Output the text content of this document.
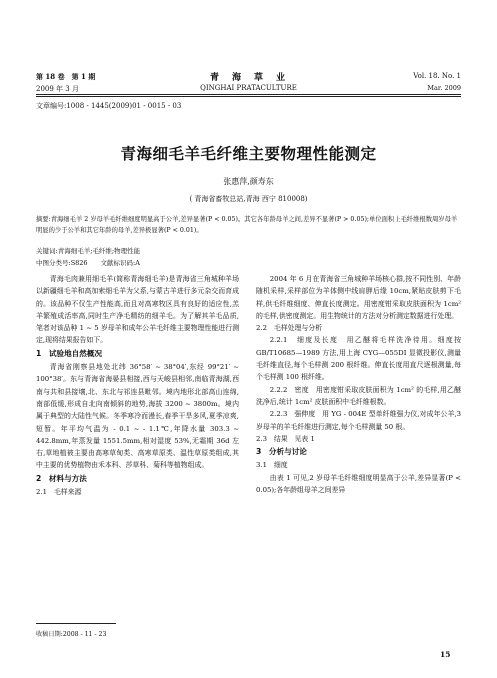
第 18 卷　第 1 期
2009 年 3 月
青　海　草　业
QINGHAI PRATACULTURE
Vol. 18. No. 1
Mar. 2009
文章编号:1008 - 1445(2009)01 - 0015 - 03
青海细毛羊毛纤维主要物理性能测定
张惠萍,颜寿东
( 青海省畜牧总站,青海 西宁 810008)
摘要:青海细毛羊 2 岁母羊毛纤维细度明显高于公羊,差异显著(P < 0.05)。其它各年龄母羊之间,差异不显著(P > 0.05);单位面积上毛纤维根数周岁母羊明显的少于公羊和其它年龄的母羊,差异极显著(P < 0.01)。
关键词:青海细毛羊;毛纤维;物理性能
中图分类号:S826　　文献标识码:A

青海毛肉兼用细毛羊(简称青海细毛羊)是青海省三角城种羊场以新疆细毛羊和高加索细毛羊为父系,与蒙古羊进行多元杂交而育成的。该品种不仅生产性能高,而且对高寒牧区具有良好的适应性,羔羊繁殖成活率高,同时生产净毛精纺的细羊毛。为了解其羊毛品质,笔者对该品种 1 ~ 5 岁母羊和成年公羊毛纤维主要物理性能进行测定,现将结果报告如下。

1　试验地自然概况

青海省刚察县地处北纬 36°58′ ~ 38°04′,东经 99°21′ ~ 100°38′。东与青海省海晏县相接,西与天峻县相邻,南临青海湖,西南与共和县接壤,北、东北与祁连县毗邻。境内地形北部高山连绵,南部低缓,形成自北向南倾斜的地势,海拔 3200 ~ 3800m。境内属于典型的大陆性气候。冬季寒冷而漫长,春季干旱多风,夏季凉爽,短暂。年平均气温为 - 0.1 ~ - 1.1℃,年降水量 303.3 ~ 442.8mm,年蒸发量 1551.5mm,相对湿度 53%,无霜期 36d 左右,草地植被主要由高寒草甸类、高寒草原类、温性草原类组成,其中主要的优势植物由禾本科、莎草科、菊科等植物组成。

2　材料与方法
2.1　毛样来源

2004 年 6 月在青海省三角城种羊场核心群,按不同性别、年龄随机采样,采样部位为羊体侧中线肩胛后缘 10cm,紧贴皮肤剪下毛样,供毛纤维细度、伸直长度测定。用密度钳采取皮肤面积为 1cm² 的毛样,供密度测定。用生物统计的方法对分析测定数据进行处理。

2.2　毛样处理与分析

2.2.1　细度及长度　用乙醚将毛样洗净待用。细度按 GB/T10685—1989 方法,用上海 CYG—055DI 显微投影仪,测量毛纤维直径,每个毛样测 200 根纤维。伸直长度用直尺逐根测量,每个毛样测 100 根纤维。

2.2.2　密度　用密度钳采取皮肤面积为 1cm² 的毛样,用乙醚洗净后,统计 1cm² 皮肤面积中毛纤维根数。

2.2.3　强伸度　用 YG - 004E 型单纤维强力仪,对成年公羊,3 岁母羊的羊毛纤维进行测定,每个毛样测量 50 根。

2.3　结果　见表 1
3　分析与讨论
3.1　细度

由表 1 可见,2 岁母羊毛纤维细度明显高于公羊,差异显著(P < 0.05);各年龄组母羊之间差异

收稿日期:2008 - 11 - 23
15
